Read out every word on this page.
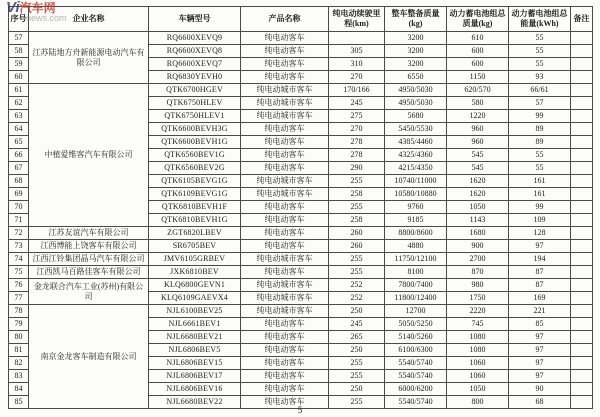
Vi汽车网
news.com
序号	企业名称	车辆型号	产品名称	纯电动续驶里程(km)	整车整备质量(kg)	动力蓄电池组总质量(kg)	动力蓄电池组总能量(kWh)	备注
57	江苏陆地方舟新能源电动汽车有限公司	RQ6600XEVQ9	纯电动客车		3200	610	55	
58		RQ6600XEVQ8	纯电动客车	305	3200	600	55	
59		RQ6600XEVQ7	纯电动客车	310	3200	600	55	
60		RQ6830YEVH0	纯电动客车	270	6550	1150	93	
61	中植爱维客汽车有限公司	QTK6700HGEV	纯电动城市客车	170/166	4950/5030	620/570	66/61	
62		QTK6750HLEV	纯电动城市客车	245	4950/5030	580	57	
63		QTK6750HLEV1	纯电动城市客车	275	5680	1220	99	
64		QTK6600BEVH3G	纯电动客车	270	5450/5530	960	89	
65		QTK6600BEVH1G	纯电动客车	278	4385/4460	960	89	
66		QTK6560BEV1G	纯电动客车	278	4325/4360	545	55	
67		QTK6560BEV2G	纯电动客车	290	4215/4350	545	55	
68		QTK6105BEVG1G	纯电动城市客车	255	10740/11000	1620	161	
69		QTK6109BEVG1G	纯电动城市客车	258	10580/10880	1620	161	
70		QTK6810BEVH1F	纯电动客车	255	9760	1050	99	
71		QTK6810BEVH1G	纯电动客车	258	9185	1143	109	
72	江苏友谊汽车有限公司	ZGT6820LBEV	纯电动客车	260	8800/8600	1680	128	
73	江西博能上饶客车有限公司	SR6705BEV	纯电动客车	260	4880	900	97	
74	江西江铃集团晶马汽车有限公司	JMV6105GRBEV	纯电动城市客车	255	11750/12100	2700	194	
75	江西凯马百路佳客车有限公司	JXK6810BEV	纯电动客车	255	8100	870	87	
76	金龙联合汽车工业(苏州)有限公司	KLQ6800GEVN1	纯电动城市客车	252	7800/7400	980	87	
77		KLQ6109GAEVX4	纯电动城市客车	252	11800/12400	1750	169	
78	南京金龙客车制造有限公司	NJL6100BEV25	纯电动城市客车	250	12700	2220	221	
79		NJL6661BEV1	纯电动客车	245	5050/5250	745	85	
80		NJL6680BEV21	纯电动客车	265	5140/5260	1080	97	
81		NJL6806BEV5	纯电动客车	250	6100/6300	1080	97	
82		NJL6806BEV15	纯电动客车	255	5540/5740	1060	97	
83		NJL6806BEV17	纯电动客车	255	5540/5740	1060	97	
84		NJL6806BEV16	纯电动客车	250	6000/6200	1050	90	
85		NJL6680BEV22	纯电动客车	255	5540/5740	800	68	
5
